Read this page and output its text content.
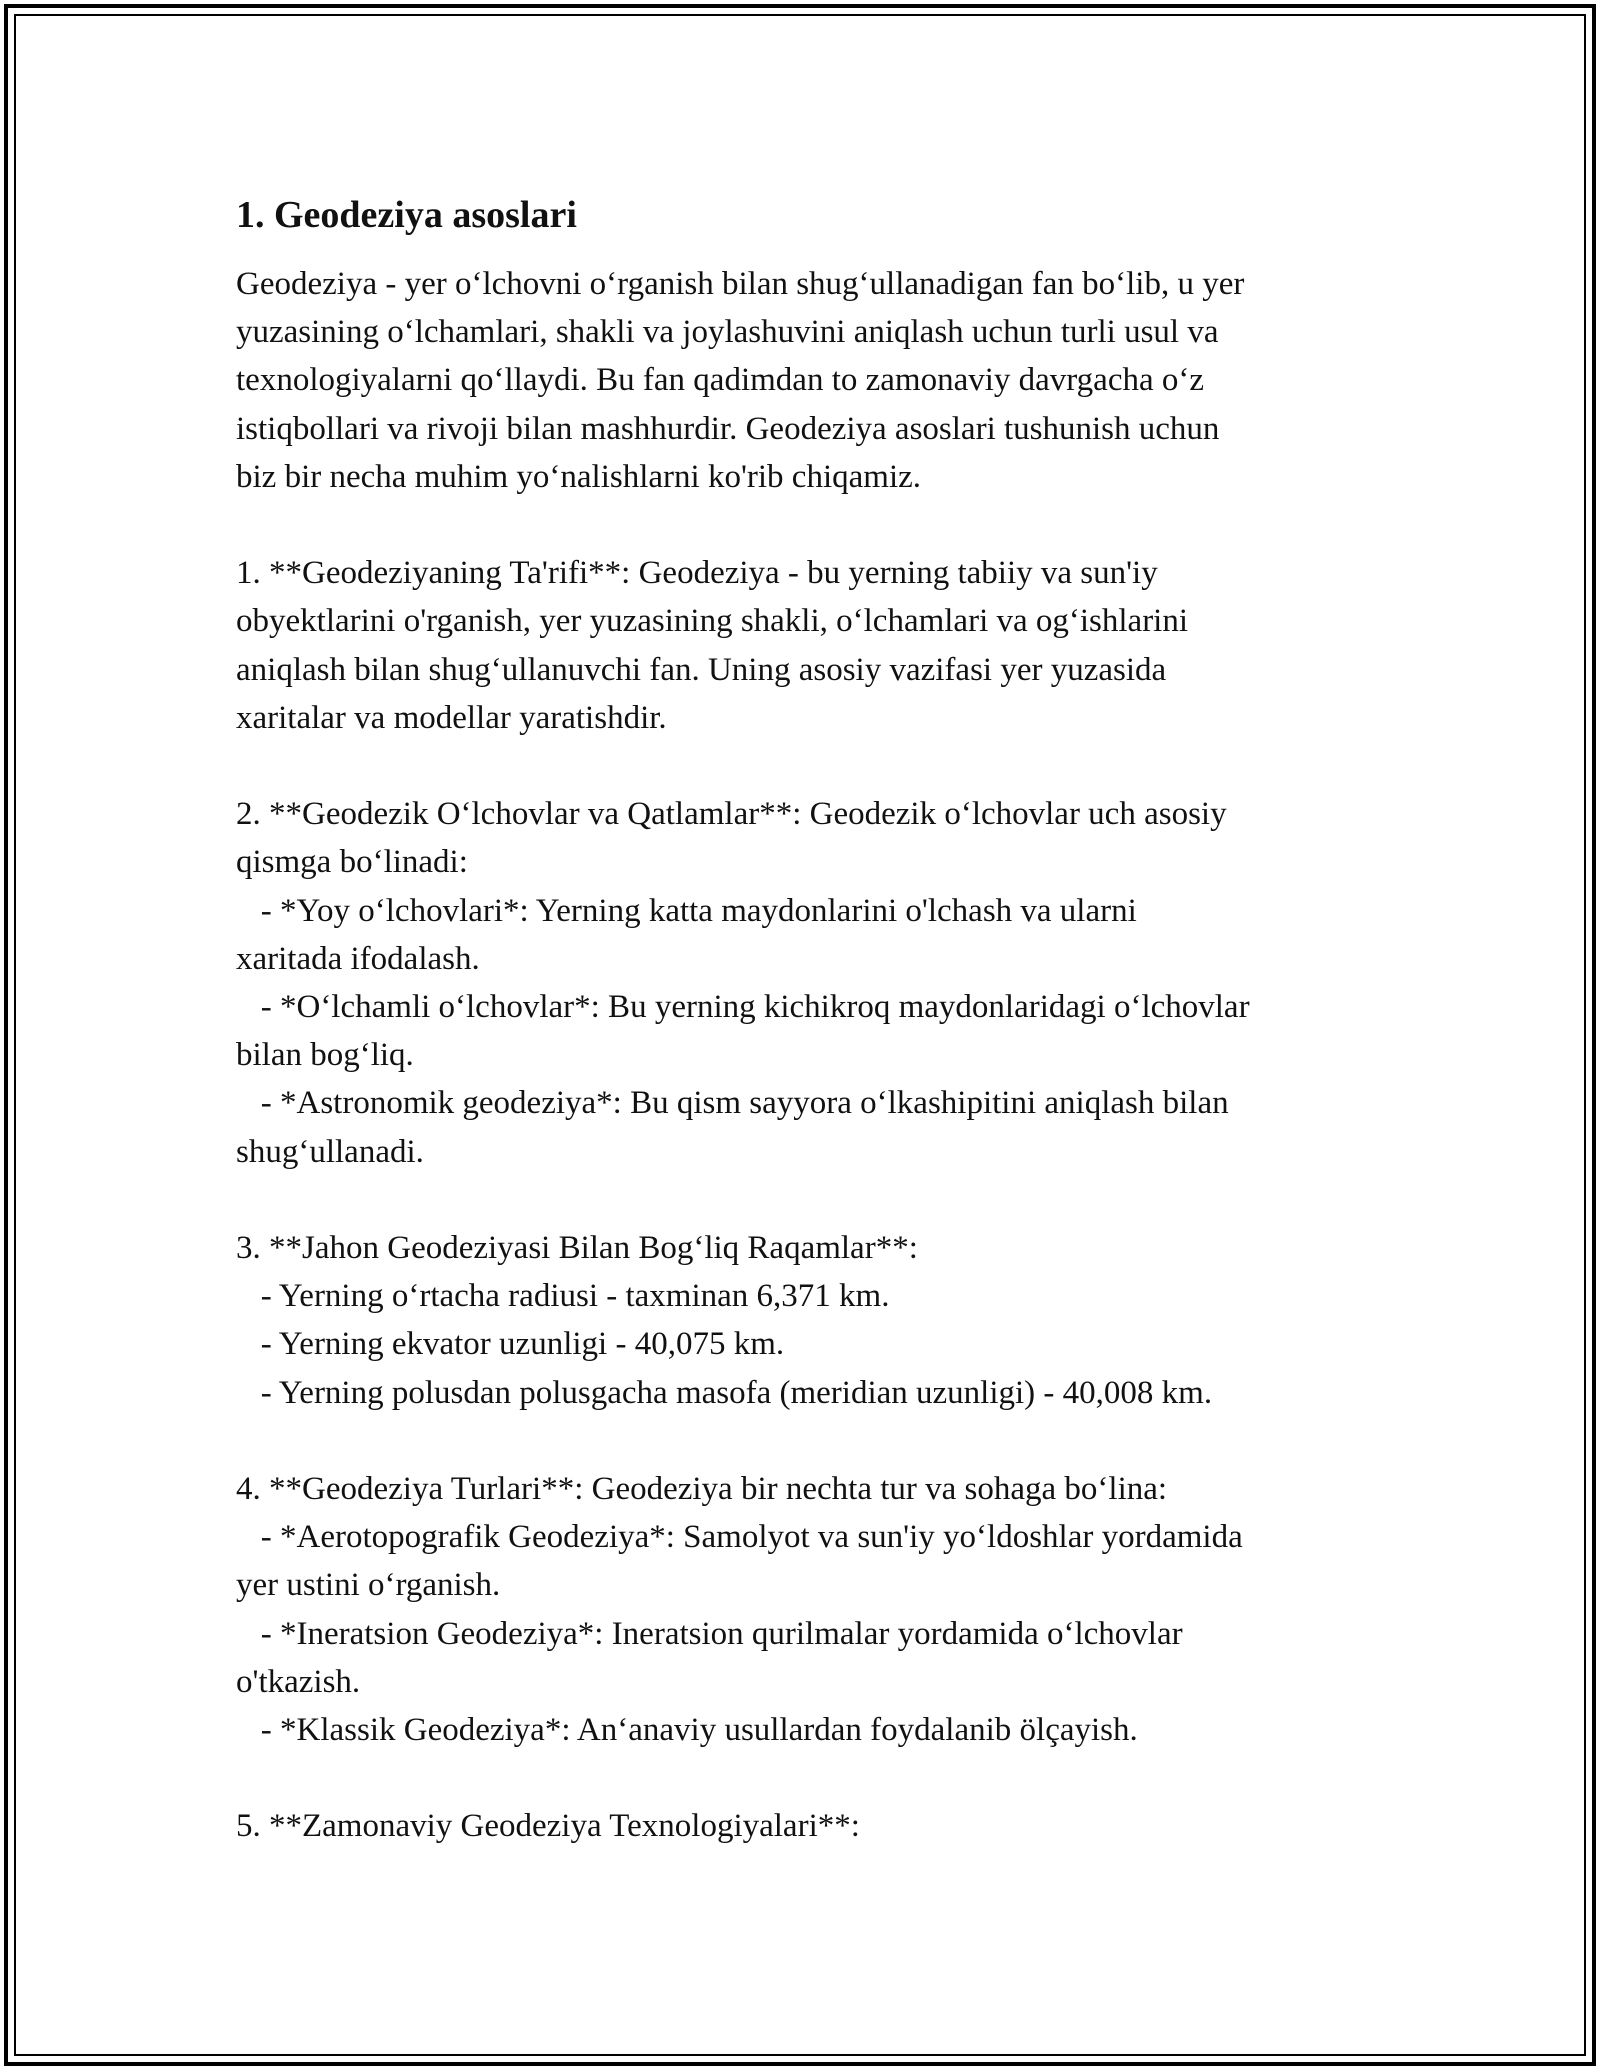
1. Geodeziya asoslari

Geodeziya - yer o‘lchovni o‘rganish bilan shug‘ullanadigan fan bo‘lib, u yer

yuzasining o‘lchamlari, shakli va joylashuvini aniqlash uchun turli usul va

texnologiyalarni qo‘llaydi. Bu fan qadimdan to zamonaviy davrgacha o‘z

istiqbollari va rivoji bilan mashhurdir. Geodeziya asoslari tushunish uchun

biz bir necha muhim yo‘nalishlarni ko'rib chiqamiz.

1. **Geodeziyaning Ta'rifi**: Geodeziya - bu yerning tabiiy va sun'iy

obyektlarini o'rganish, yer yuzasining shakli, o‘lchamlari va og‘ishlarini

aniqlash bilan shug‘ullanuvchi fan. Uning asosiy vazifasi yer yuzasida

xaritalar va modellar yaratishdir.

2. **Geodezik O‘lchovlar va Qatlamlar**: Geodezik o‘lchovlar uch asosiy

qismga bo‘linadi:

- *Yoy o‘lchovlari*: Yerning katta maydonlarini o'lchash va ularni

xaritada ifodalash.

- *O‘lchamli o‘lchovlar*: Bu yerning kichikroq maydonlaridagi o‘lchovlar

bilan bog‘liq.

- *Astronomik geodeziya*: Bu qism sayyora o‘lkashipitini aniqlash bilan

shug‘ullanadi.

3. **Jahon Geodeziyasi Bilan Bog‘liq Raqamlar**:

- Yerning o‘rtacha radiusi - taxminan 6,371 km.

- Yerning ekvator uzunligi - 40,075 km.

- Yerning polusdan polusgacha masofa (meridian uzunligi) - 40,008 km.

4. **Geodeziya Turlari**: Geodeziya bir nechta tur va sohaga bo‘lina:

- *Aerotopografik Geodeziya*: Samolyot va sun'iy yo‘ldoshlar yordamida

yer ustini o‘rganish.

- *Ineratsion Geodeziya*: Ineratsion qurilmalar yordamida o‘lchovlar

o'tkazish.

- *Klassik Geodeziya*: An‘anaviy usullardan foydalanib ölçayish.

5. **Zamonaviy Geodeziya Texnologiyalari**:
